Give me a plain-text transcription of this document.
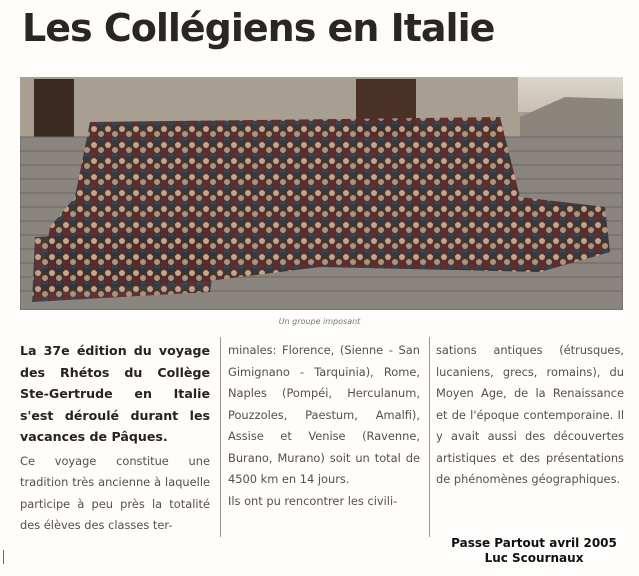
Les Collégiens en Italie
Un groupe imposant

La 37e édition du voyage des Rhétos du Collège Ste-Gertrude en Italie s'est déroulé durant les vacances de Pâques.

Ce voyage constitue une tradition très ancienne à laquelle participe à peu près la totalité des élèves des classes ter-

minales: Florence, (Sienne - San Gimignano - Tarquinia), Rome, Naples (Pompéi, Herculanum, Pouzzoles, Paestum, Amalfi), Assise et Venise (Ravenne, Burano, Murano) soit un total de 4500 km en 14 jours.

Ils ont pu rencontrer les civili-

sations antiques (étrusques, lucaniens, grecs, romains), du Moyen Age, de la Renaissance et de l'époque contemporaine. Il y avait aussi des découvertes artistiques et des présentations de phénomènes géographiques.

Passe Partout avril 2005
Luc Scournaux
